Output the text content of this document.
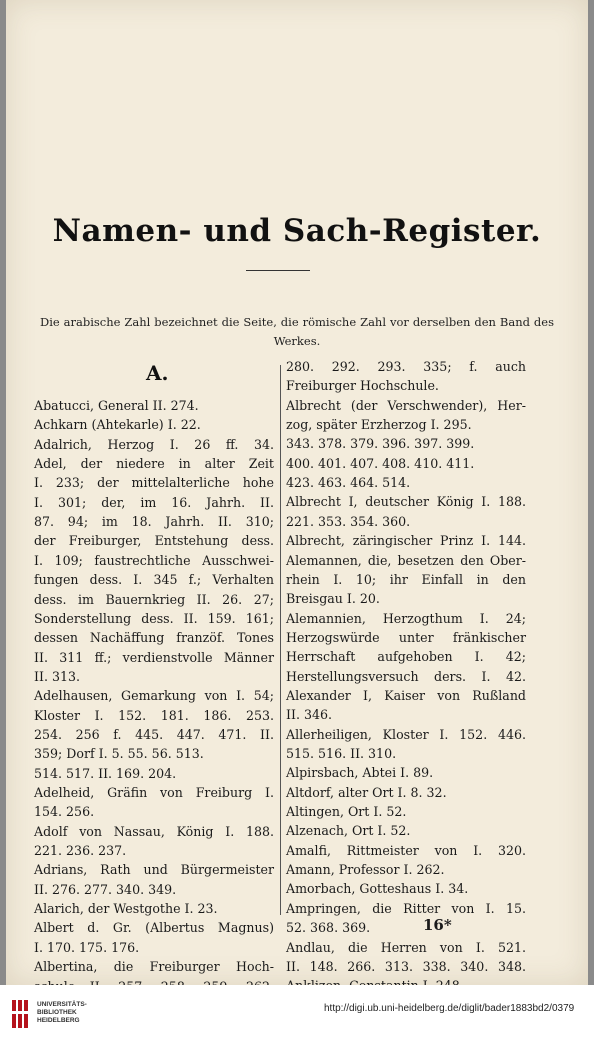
Namen- und Sach-Register.
Die arabische Zahl bezeichnet die Seite, die römische Zahl vor derselben den Band des Werkes.
A.
Abatucci, General II. 274.
Achkarn (Ahtekarle) I. 22.
Adalrich, Herzog I. 26 ff. 34.
Adel, der niedere in alter Zeit
I. 233; der mittelalterliche hohe
I. 301; der, im 16. Jahrh. II.
87. 94; im 18. Jahrh. II. 310;
der Freiburger, Entstehung dess.
I. 109; faustrechtliche Ausschwei-
fungen dess. I. 345 f.; Verhalten
dess. im Bauernkrieg II. 26. 27;
Sonderstellung dess. II. 159. 161;
dessen Nachäffung franzöf. Tones
II. 311 ff.; verdienstvolle Männer
II. 313.
Adelhausen, Gemarkung von I. 54;
Kloster I. 152. 181. 186. 253.
254. 256 f. 445. 447. 471. II.
359; Dorf I. 5. 55. 56. 513.
514. 517. II. 169. 204.
Adelheid, Gräfin von Freiburg I.
154. 256.
Adolf von Nassau, König I. 188.
221. 236. 237.
Adrians, Rath und Bürgermeister
II. 276. 277. 340. 349.
Alarich, der Westgothe I. 23.
Albert d. Gr. (Albertus Magnus)
I. 170. 175. 176.
Albertina, die Freiburger Hoch-
280. 292. 293. 335; f. auch
Freiburger Hochschule.
Albrecht (der Verschwender), Her-
zog, später Erzherzog I. 295.
343. 378. 379. 396. 397. 399.
400. 401. 407. 408. 410. 411.
423. 463. 464. 514.
Albrecht I, deutscher König I. 188.
221. 353. 354. 360.
Albrecht, zäringischer Prinz I. 144.
Alemannen, die, besetzen den Ober-
rhein I. 10; ihr Einfall in den
Breisgau I. 20.
Alemannien, Herzogthum I. 24;
Herzogswürde unter fränkischer
Herrschaft aufgehoben I. 42;
Herstellungsversuch ders. I. 42.
Alexander I, Kaiser von Rußland
II. 346.
Allerheiligen, Kloster I. 152. 446.
515. 516. II. 310.
Alpirsbach, Abtei I. 89.
Altdorf, alter Ort I. 8. 32.
Altingen, Ort I. 52.
Alzenach, Ort I. 52.
Amalfi, Rittmeister von I. 320.
Amann, Professor I. 262.
Amorbach, Gotteshaus I. 34.
Ampringen, die Ritter von I. 15.
52. 368. 369.
Andlau, die Herren von I. 521.
II. 148. 266. 313. 338. 340. 348.
16*
UNIVERSITÄTS-
BIBLIOTHEK
HEIDELBERG
http://digi.ub.uni-heidelberg.de/diglit/bader1883bd2/0379
